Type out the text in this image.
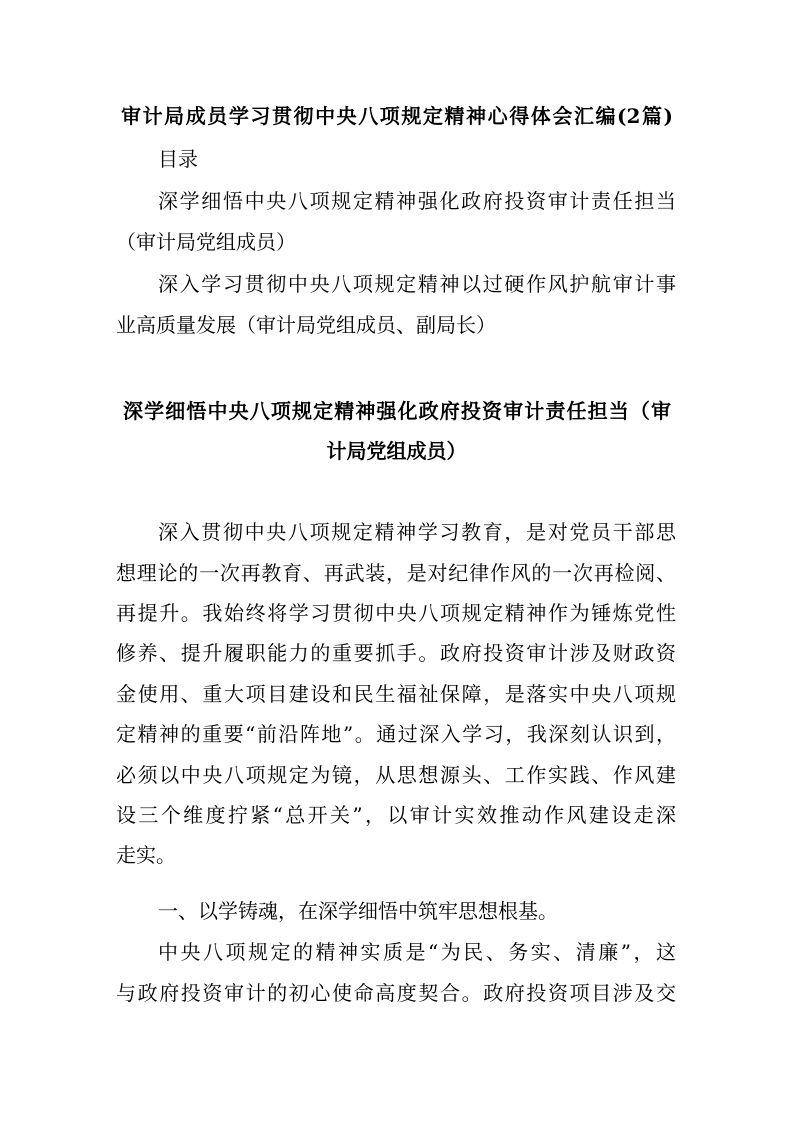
审计局成员学习贯彻中央八项规定精神心得体会汇编(2篇)
目录
深学细悟中央八项规定精神强化政府投资审计责任担当
（审计局党组成员）
深入学习贯彻中央八项规定精神以过硬作风护航审计事
业高质量发展（审计局党组成员、副局长）
深学细悟中央八项规定精神强化政府投资审计责任担当（审
计局党组成员）
深入贯彻中央八项规定精神学习教育，是对党员干部思
想理论的一次再教育、再武装，是对纪律作风的一次再检阅、
再提升。我始终将学习贯彻中央八项规定精神作为锤炼党性
修养、提升履职能力的重要抓手。政府投资审计涉及财政资
金使用、重大项目建设和民生福祉保障，是落实中央八项规
定精神的重要“前沿阵地”。通过深入学习，我深刻认识到，
必须以中央八项规定为镜，从思想源头、工作实践、作风建
设三个维度拧紧“总开关”，以审计实效推动作风建设走深
走实。
一、以学铸魂，在深学细悟中筑牢思想根基。
中央八项规定的精神实质是“为民、务实、清廉”，这
与政府投资审计的初心使命高度契合。政府投资项目涉及交
